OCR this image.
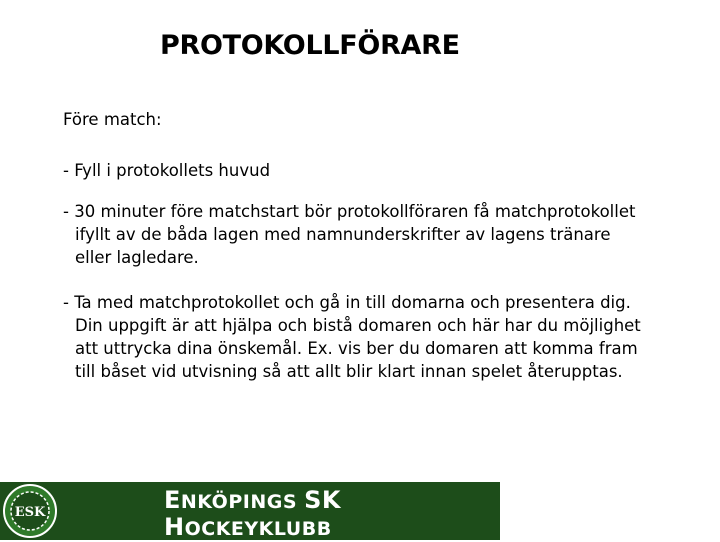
PROTOKOLLFÖRARE
Före match:
- Fyll i protokollets huvud
- 30 minuter före matchstart bör protokollföraren få matchprotokollet
ifyllt av de båda lagen med namnunderskrifter av lagens tränare
eller lagledare.
- Ta med matchprotokollet och gå in till domarna och presentera dig.
Din uppgift är att hjälpa och bistå domaren och här har du möjlighet
att uttrycka dina önskemål. Ex. vis ber du domaren att komma fram
till båset vid utvisning så att allt blir klart innan spelet återupptas.
ESK	ENKÖPINGS SK
HOCKEYKLUBB
